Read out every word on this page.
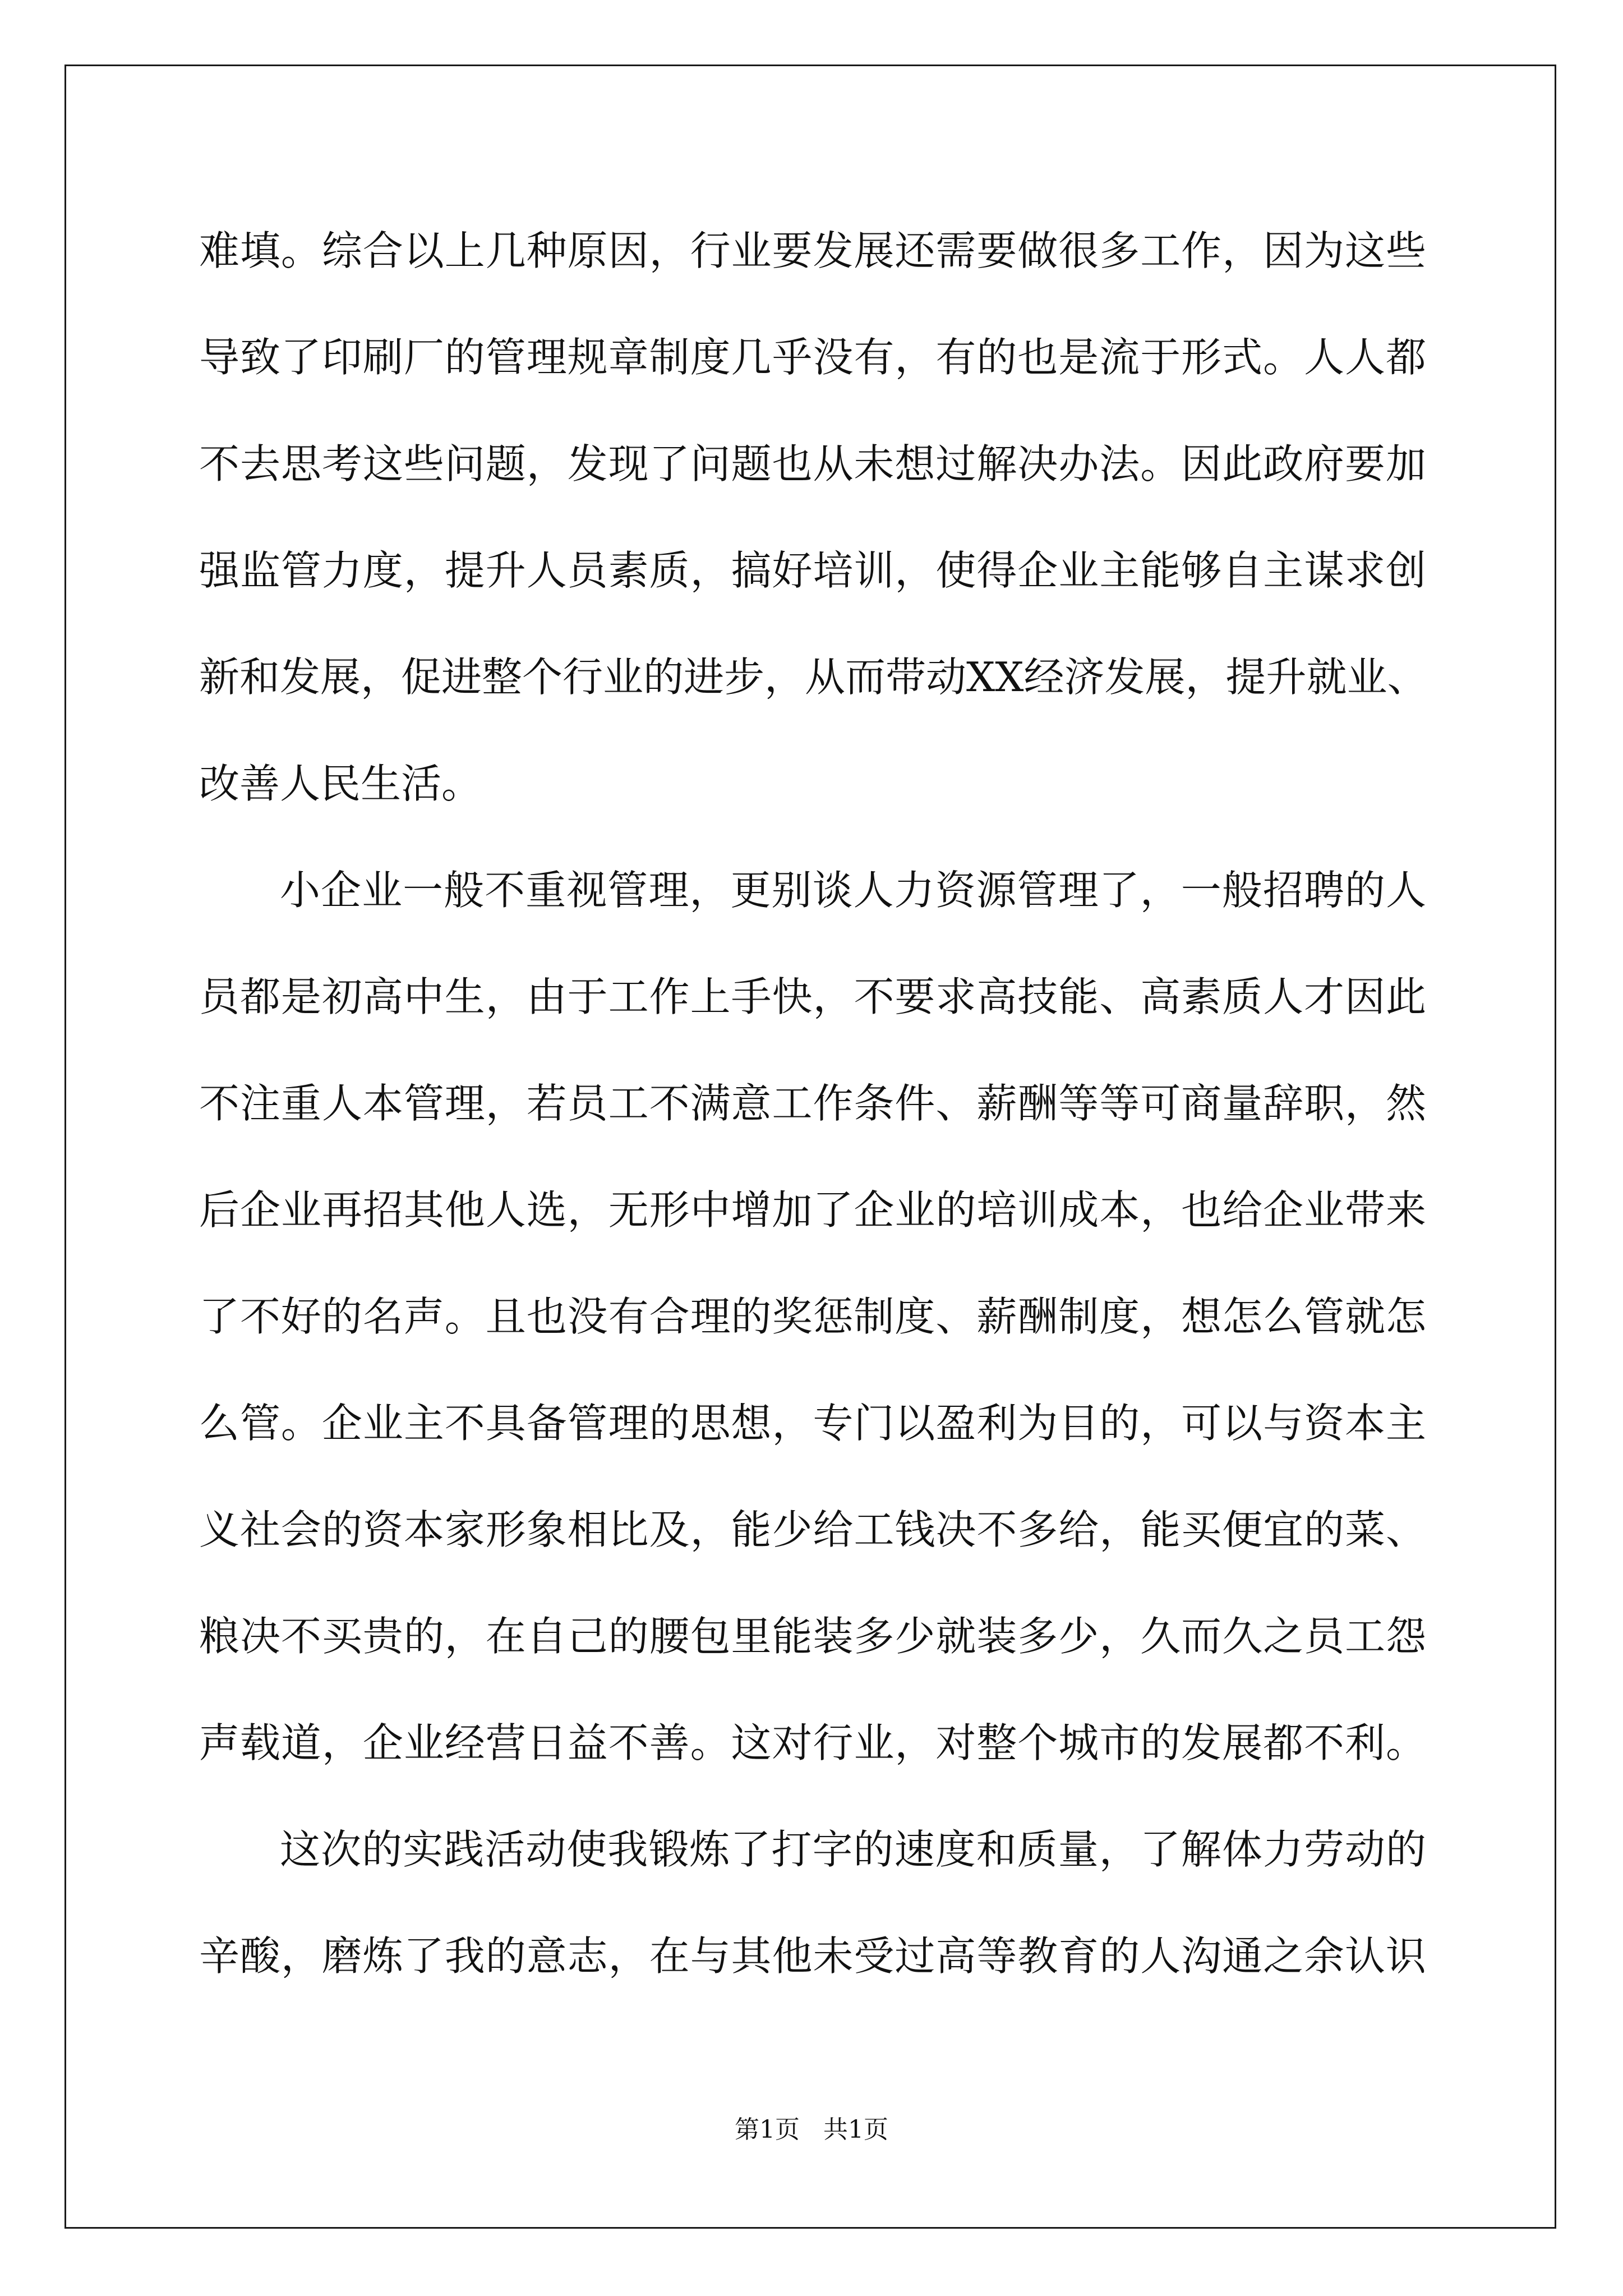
难填。综合以上几种原因，行业要发展还需要做很多工作，因为这些
导致了印刷厂的管理规章制度几乎没有，有的也是流于形式。人人都
不去思考这些问题，发现了问题也从未想过解决办法。因此政府要加
强监管力度，提升人员素质，搞好培训，使得企业主能够自主谋求创
新和发展，促进整个行业的进步，从而带动XX经济发展，提升就业、
改善人民生活。
小企业一般不重视管理，更别谈人力资源管理了，一般招聘的人
员都是初高中生，由于工作上手快，不要求高技能、高素质人才因此
不注重人本管理，若员工不满意工作条件、薪酬等等可商量辞职，然
后企业再招其他人选，无形中增加了企业的培训成本，也给企业带来
了不好的名声。且也没有合理的奖惩制度、薪酬制度，想怎么管就怎
么管。企业主不具备管理的思想，专门以盈利为目的，可以与资本主
义社会的资本家形象相比及，能少给工钱决不多给，能买便宜的菜、
粮决不买贵的，在自己的腰包里能装多少就装多少，久而久之员工怨
声载道，企业经营日益不善。这对行业，对整个城市的发展都不利。
这次的实践活动使我锻炼了打字的速度和质量，了解体力劳动的
辛酸，磨炼了我的意志，在与其他未受过高等教育的人沟通之余认识
第1页   共1页
